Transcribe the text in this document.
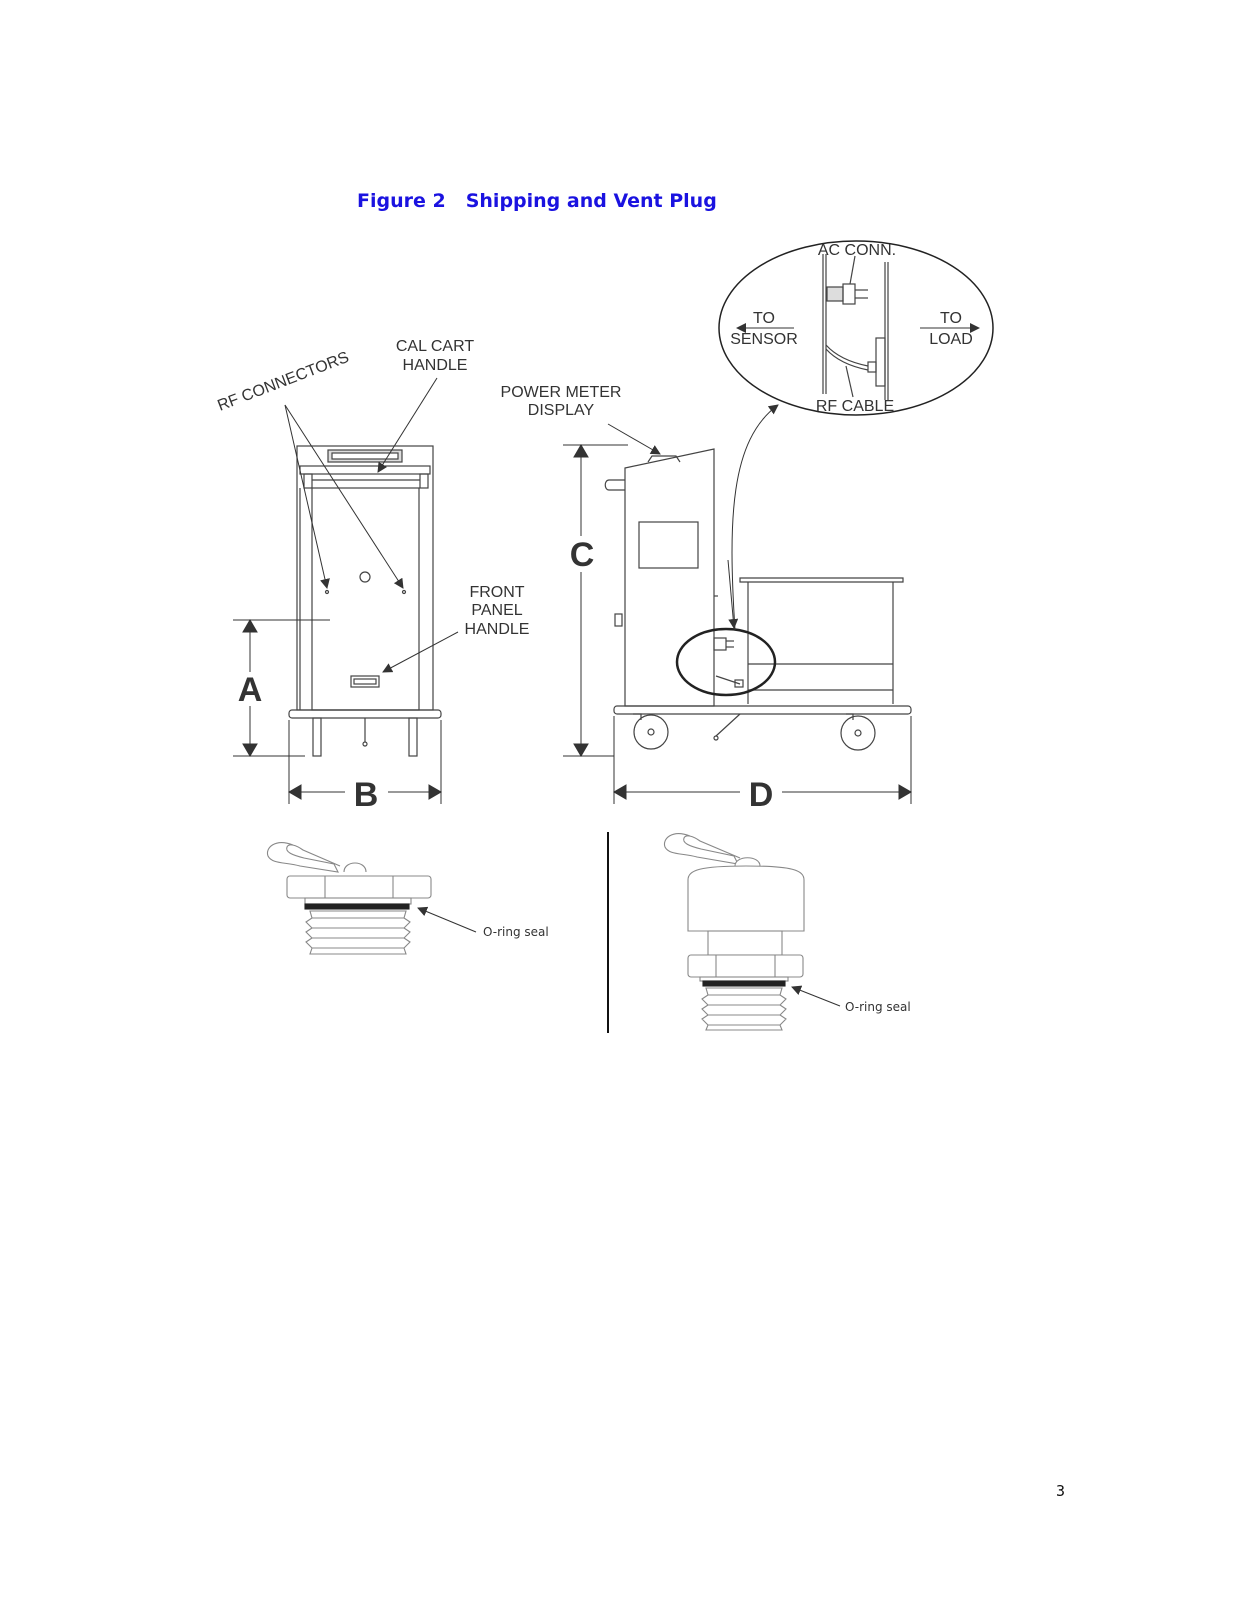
Figure 2 Shipping and Vent Plug
RF CONNECTORS
CAL CART
HANDLE
FRONT
PANEL
HANDLE
A
B
POWER METER
DISPLAY
C
D
AC CONN.
TO
SENSOR
TO
LOAD
RF CABLE
O-ring seal
O-ring seal
3
